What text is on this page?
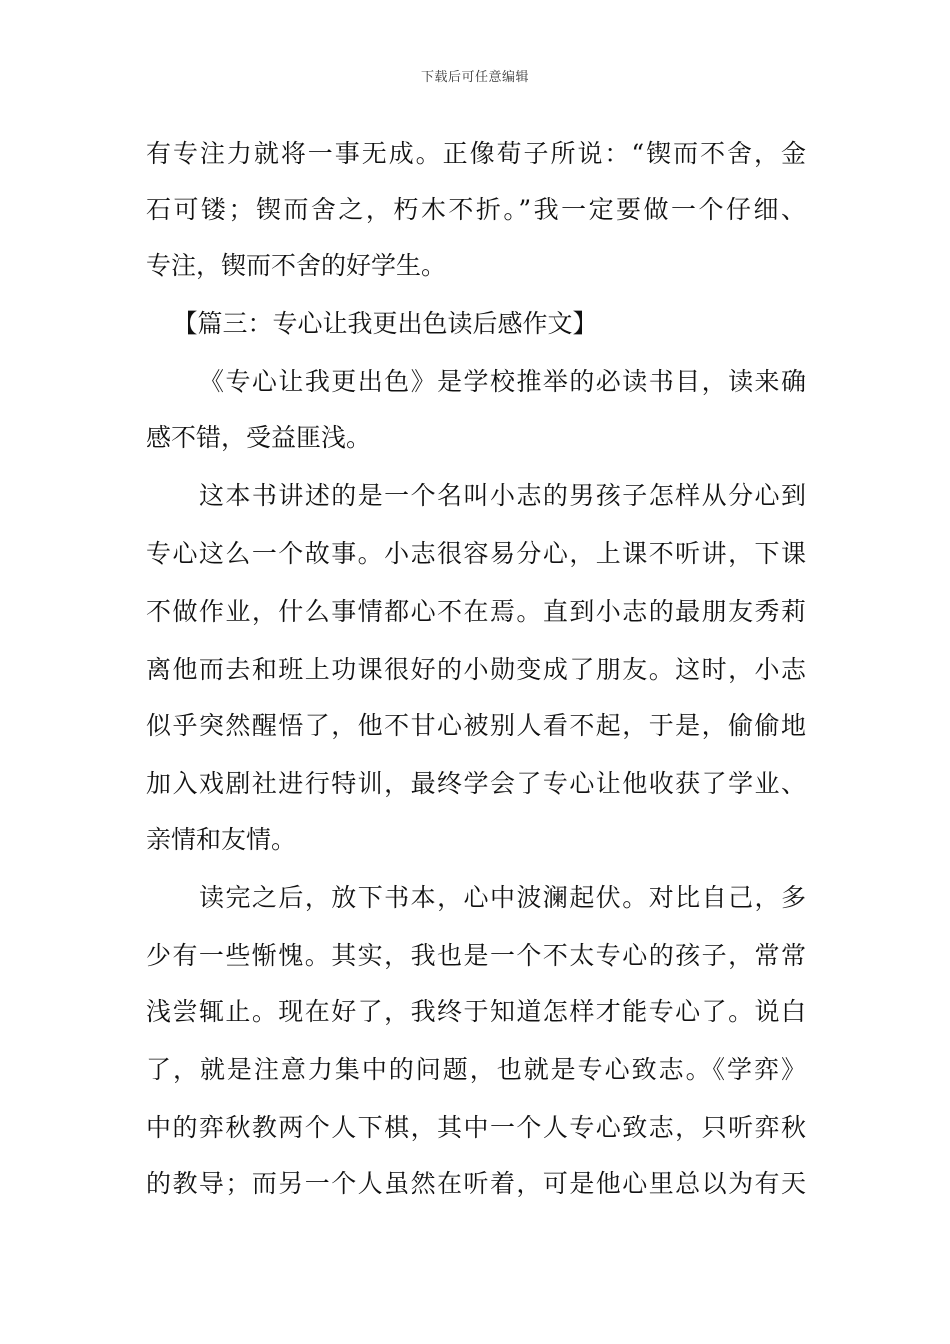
下载后可任意编辑
有专注力就将一事无成。正像荀子所说：“锲而不舍，金
石可镂；锲而舍之，朽木不折。”我一定要做一个仔细、
专注，锲而不舍的好学生。
【篇三：专心让我更出色读后感作文】
《专心让我更出色》是学校推举的必读书目，读来确
感不错，受益匪浅。
这本书讲述的是一个名叫小志的男孩子怎样从分心到
专心这么一个故事。小志很容易分心，上课不听讲，下课
不做作业，什么事情都心不在焉。直到小志的最朋友秀莉
离他而去和班上功课很好的小勋变成了朋友。这时，小志
似乎突然醒悟了，他不甘心被别人看不起，于是，偷偷地
加入戏剧社进行特训，最终学会了专心让他收获了学业、
亲情和友情。
读完之后，放下书本，心中波澜起伏。对比自己，多
少有一些惭愧。其实，我也是一个不太专心的孩子，常常
浅尝辄止。现在好了，我终于知道怎样才能专心了。说白
了，就是注意力集中的问题，也就是专心致志。《学弈》
中的弈秋教两个人下棋，其中一个人专心致志，只听弈秋
的教导；而另一个人虽然在听着，可是他心里总以为有天
